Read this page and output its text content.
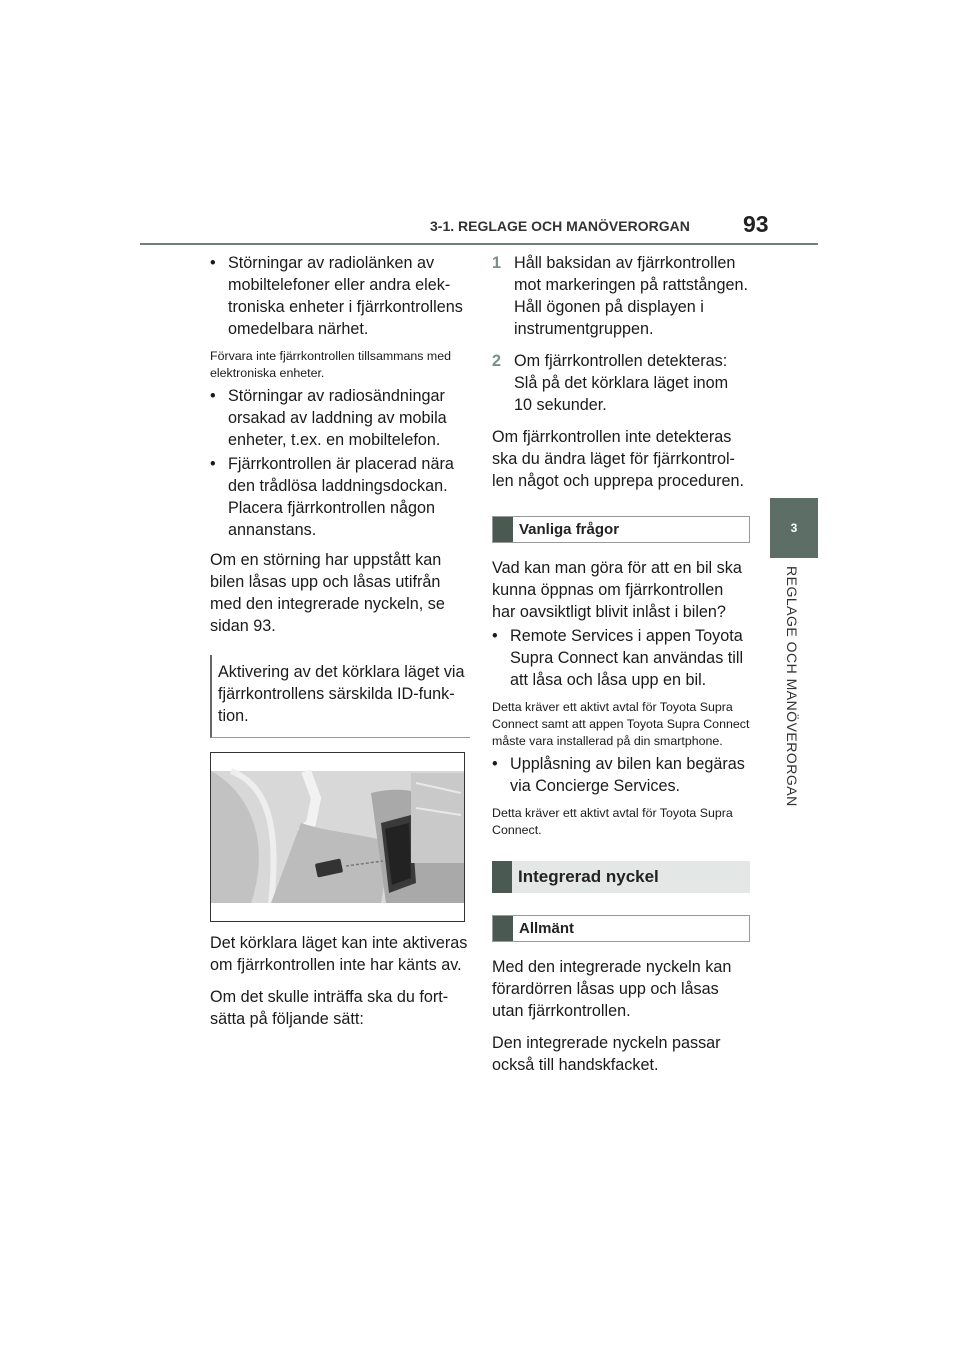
3-1. REGLAGE OCH MANÖVERORGAN 93
3
REGLAGE OCH MANÖVERORGAN
• Störningar av radiolänken av mobiltelefoner eller andra elektroniska enheter i fjärrkontrollens omedelbara närhet.

Förvara inte fjärrkontrollen tillsammans med elektroniska enheter.

• Störningar av radiosändningar orsakad av laddning av mobila enheter, t.ex. en mobiltelefon.
• Fjärrkontrollen är placerad nära den trådlösa laddningsdockan. Placera fjärrkontrollen någon annanstans.

Om en störning har uppstått kan bilen låsas upp och låsas utifrån med den integrerade nyckeln, se sidan 93.

Aktivering av det körklara läget via fjärrkontrollens särskilda ID-funktion.

Det körklara läget kan inte aktiveras om fjärrkontrollen inte har känts av.

Om det skulle inträffa ska du fortsätta på följande sätt:

1 Håll baksidan av fjärrkontrollen mot markeringen på rattstången. Håll ögonen på displayen i instrumentgruppen.
2 Om fjärrkontrollen detekteras: Slå på det körklara läget inom 10 sekunder.

Om fjärrkontrollen inte detekteras ska du ändra läget för fjärrkontrollen något och upprepa proceduren.

Vanliga frågor

Vad kan man göra för att en bil ska kunna öppnas om fjärrkontrollen har oavsiktligt blivit inlåst i bilen?

• Remote Services i appen Toyota Supra Connect kan användas till att låsa och låsa upp en bil.

Detta kräver ett aktivt avtal för Toyota Supra Connect samt att appen Toyota Supra Connect måste vara installerad på din smartphone.

• Upplåsning av bilen kan begäras via Concierge Services.

Detta kräver ett aktivt avtal för Toyota Supra Connect.

Integrerad nyckel
Allmänt

Med den integrerade nyckeln kan förardörren låsas upp och låsas utan fjärrkontrollen.

Den integrerade nyckeln passar också till handskfacket.
